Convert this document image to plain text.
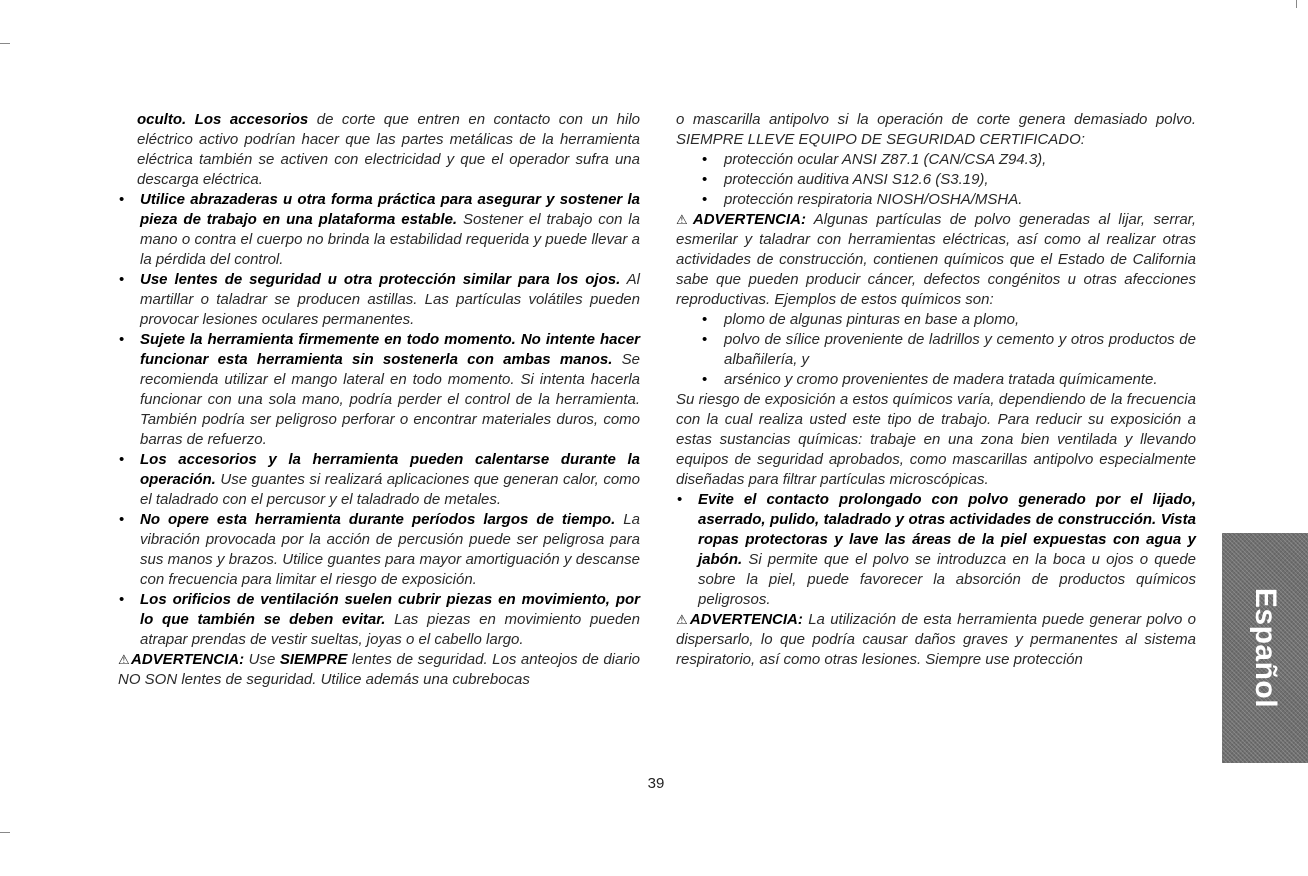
oculto. Los accesorios de corte que entren en contacto con un hilo eléctrico activo podrían hacer que las partes metálicas de la herramienta eléctrica también se activen con electricidad y que el operador sufra una descarga eléctrica.

• Utilice abrazaderas u otra forma práctica para asegurar y sostener la pieza de trabajo en una plataforma estable. Sostener el trabajo con la mano o contra el cuerpo no brinda la estabilidad requerida y puede llevar a la pérdida del control.
• Use lentes de seguridad u otra protección similar para los ojos. Al martillar o taladrar se producen astillas. Las partículas volátiles pueden provocar lesiones oculares permanentes.
• Sujete la herramienta firmemente en todo momento. No intente hacer funcionar esta herramienta sin sostenerla con ambas manos. Se recomienda utilizar el mango lateral en todo momento. Si intenta hacerla funcionar con una sola mano, podría perder el control de la herramienta. También podría ser peligroso perforar o encontrar materiales duros, como barras de refuerzo.
• Los accesorios y la herramienta pueden calentarse durante la operación. Use guantes si realizará aplicaciones que generan calor, como el taladrado con el percusor y el taladrado de metales.
• No opere esta herramienta durante períodos largos de tiempo. La vibración provocada por la acción de percusión puede ser peligrosa para sus manos y brazos. Utilice guantes para mayor amortiguación y descanse con frecuencia para limitar el riesgo de exposición.
• Los orificios de ventilación suelen cubrir piezas en movimiento, por lo que también se deben evitar. Las piezas en movimiento pueden atrapar prendas de vestir sueltas, joyas o el cabello largo.

⚠ADVERTENCIA: Use SIEMPRE lentes de seguridad. Los anteojos de diario NO SON lentes de seguridad. Utilice además una cubrebocas

o mascarilla antipolvo si la operación de corte genera demasiado polvo. SIEMPRE LLEVE EQUIPO DE SEGURIDAD CERTIFICADO:

• protección ocular ANSI Z87.1 (CAN/CSA Z94.3),
• protección auditiva ANSI S12.6 (S3.19),
• protección respiratoria NIOSH/OSHA/MSHA.

⚠ADVERTENCIA: Algunas partículas de polvo generadas al lijar, serrar, esmerilar y taladrar con herramientas eléctricas, así como al realizar otras actividades de construcción, contienen químicos que el Estado de California sabe que pueden producir cáncer, defectos congénitos u otras afecciones reproductivas. Ejemplos de estos químicos son:

• plomo de algunas pinturas en base a plomo,
• polvo de sílice proveniente de ladrillos y cemento y otros productos de albañilería, y
• arsénico y cromo provenientes de madera tratada químicamente.

Su riesgo de exposición a estos químicos varía, dependiendo de la frecuencia con la cual realiza usted este tipo de trabajo. Para reducir su exposición a estas sustancias químicas: trabaje en una zona bien ventilada y llevando equipos de seguridad aprobados, como mascarillas antipolvo especialmente diseñadas para filtrar partículas microscópicas.

• Evite el contacto prolongado con polvo generado por el lijado, aserrado, pulido, taladrado y otras actividades de construcción. Vista ropas protectoras y lave las áreas de la piel expuestas con agua y jabón. Si permite que el polvo se introduzca en la boca u ojos o quede sobre la piel, puede favorecer la absorción de productos químicos peligrosos.

⚠ADVERTENCIA: La utilización de esta herramienta puede generar polvo o dispersarlo, lo que podría causar daños graves y permanentes al sistema respiratorio, así como otras lesiones. Siempre use protección

39
Español
